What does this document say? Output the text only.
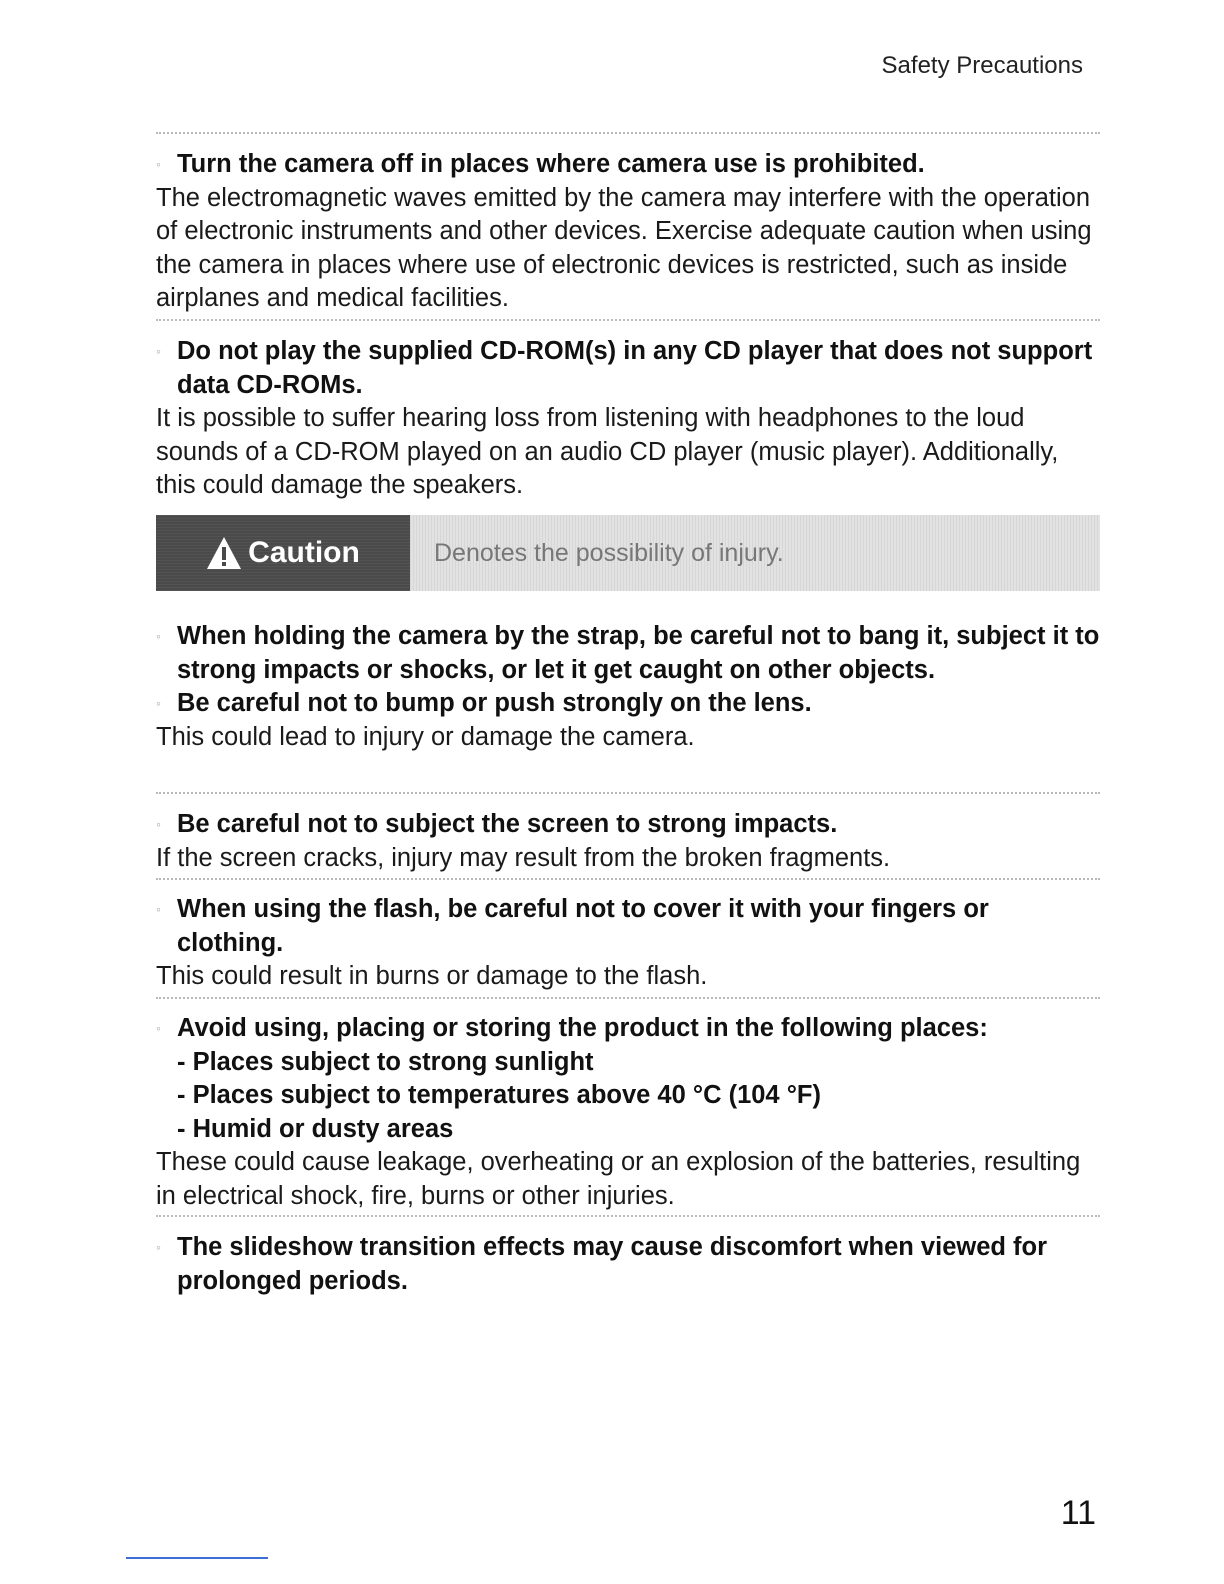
Safety Precautions
◦ Turn the camera off in places where camera use is prohibited.
The electromagnetic waves emitted by the camera may interfere with the operation of electronic instruments and other devices. Exercise adequate caution when using the camera in places where use of electronic devices is restricted, such as inside airplanes and medical facilities.
◦ Do not play the supplied CD-ROM(s) in any CD player that does not support data CD-ROMs.
It is possible to suffer hearing loss from listening with headphones to the loud sounds of a CD-ROM played on an audio CD player (music player). Additionally, this could damage the speakers.
Caution	Denotes the possibility of injury.
◦ When holding the camera by the strap, be careful not to bang it, subject it to strong impacts or shocks, or let it get caught on other objects.
◦ Be careful not to bump or push strongly on the lens.
This could lead to injury or damage the camera.
◦ Be careful not to subject the screen to strong impacts.
If the screen cracks, injury may result from the broken fragments.
◦ When using the flash, be careful not to cover it with your fingers or clothing.
This could result in burns or damage to the flash.
◦ Avoid using, placing or storing the product in the following places:
- Places subject to strong sunlight
- Places subject to temperatures above 40 °C (104 °F)
- Humid or dusty areas
These could cause leakage, overheating or an explosion of the batteries, resulting in electrical shock, fire, burns or other injuries.
◦ The slideshow transition effects may cause discomfort when viewed for prolonged periods.
11
